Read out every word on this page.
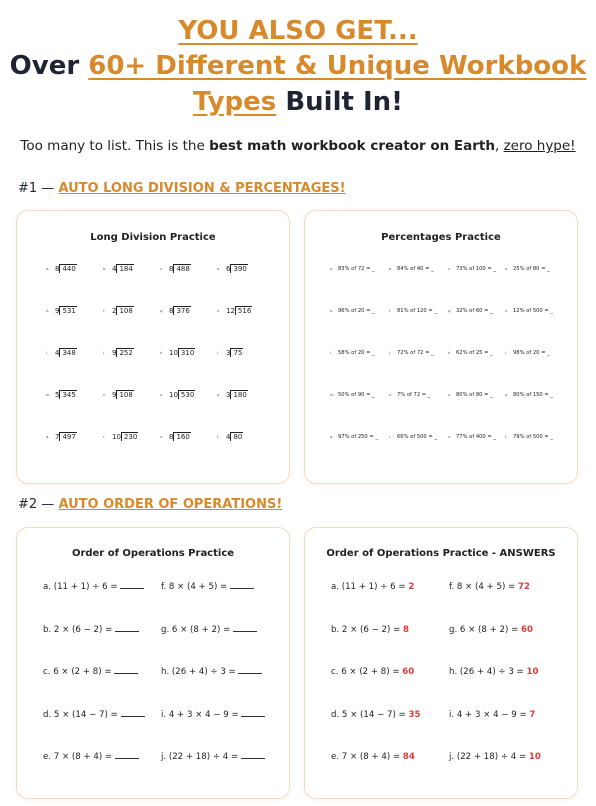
YOU ALSO GET...
Over 60+ Different & Unique Workbook
Types Built In!
Too many to list. This is the best math workbook creator on Earth, zero hype!
#1 — AUTO LONG DIVISION & PERCENTAGES!
Long Division Practice
a. 8 440	b. 4 184	c. 8 488	d. 6 390
e. 9 531	f. 2 108	g. 8 376	h. 12 516
i. 4 348	j. 9 252	k. 10 310	l. 3 75
m. 5 345	n. 9 108	o. 10 530	p. 3 180
q. 7 497	r. 10 230	s. 8 160	t. 4 80
Percentages Practice
a. 83% of 72 = _	b. 84% of 40 = _	c. 73% of 100 = _	d. 25% of 80 = _
e. 96% of 20 = _	f. 81% of 120 = _	g. 32% of 60 = _	h. 12% of 500 = _
i. 58% of 20 = _	j. 72% of 72 = _	k. 62% of 25 = _	l. 98% of 20 = _
m. 50% of 90 = _	n. 7% of 72 = _	o. 80% of 80 = _	p. 80% of 150 = _
q. 97% of 250 = _	r. 66% of 500 = _	s. 77% of 400 = _	t. 79% of 500 = _
#2 — AUTO ORDER OF OPERATIONS!
Order of Operations Practice
a. (11 + 1) ÷ 6 =	f. 8 × (4 + 5) =
b. 2 × (6 − 2) =	g. 6 × (8 + 2) =
c. 6 × (2 + 8) =	h. (26 + 4) ÷ 3 =
d. 5 × (14 − 7) =	i. 4 + 3 × 4 − 9 =
e. 7 × (8 + 4) =	j. (22 + 18) ÷ 4 =
Order of Operations Practice - ANSWERS
a. (11 + 1) ÷ 6 = 2	f. 8 × (4 + 5) = 72
b. 2 × (6 − 2) = 8	g. 6 × (8 + 2) = 60
c. 6 × (2 + 8) = 60	h. (26 + 4) ÷ 3 = 10
d. 5 × (14 − 7) = 35	i. 4 + 3 × 4 − 9 = 7
e. 7 × (8 + 4) = 84	j. (22 + 18) ÷ 4 = 10
